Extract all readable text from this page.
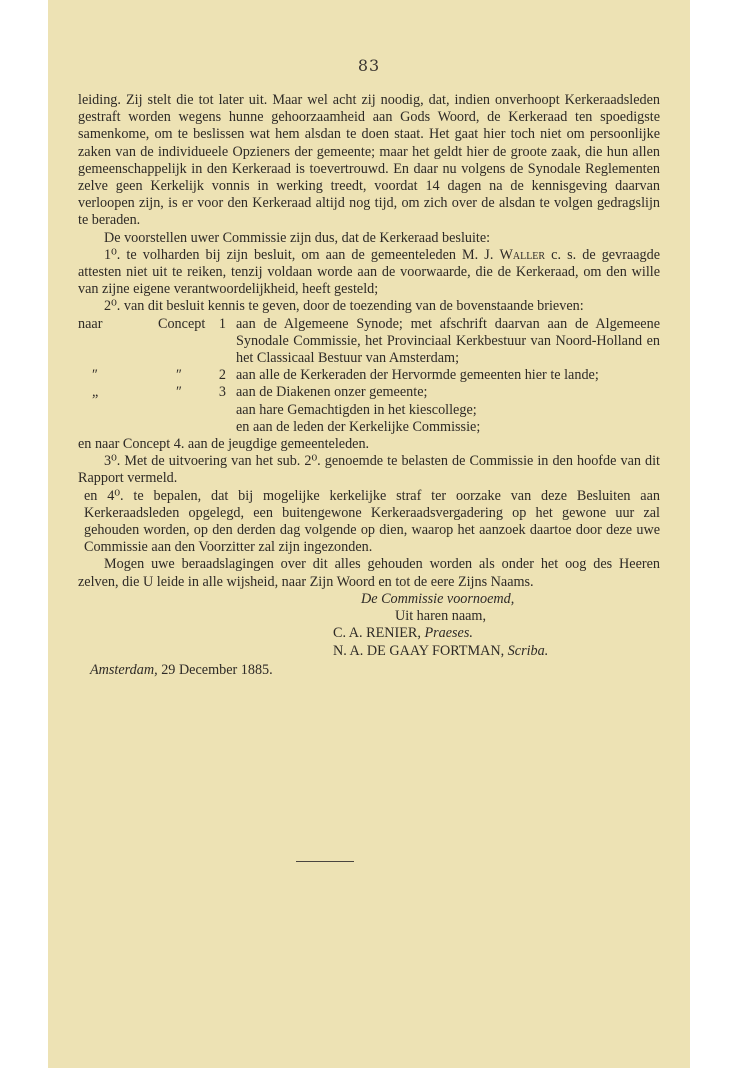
83

leiding. Zij stelt die tot later uit. Maar wel acht zij noodig, dat, indien onverhoopt Kerkeraadsleden gestraft worden wegens hunne gehoorzaamheid aan Gods Woord, de Kerkeraad ten spoedigste samenkome, om te beslissen wat hem alsdan te doen staat. Het gaat hier toch niet om persoonlijke zaken van de individueele Opzieners der gemeente; maar het geldt hier de groote zaak, die hun allen gemeenschappelijk in den Kerkeraad is toevertrouwd. En daar nu volgens de Synodale Reglementen zelve geen Kerkelijk vonnis in werking treedt, voordat 14 dagen na de kennisgeving daarvan verloopen zijn, is er voor den Kerkeraad altijd nog tijd, om zich over de alsdan te volgen gedragslijn te beraden.

De voorstellen uwer Commissie zijn dus, dat de Kerkeraad besluite:

1⁰. te volharden bij zijn besluit, om aan de gemeenteleden M. J. Waller c. s. de gevraagde attesten niet uit te reiken, tenzij voldaan worde aan de voorwaarde, die de Kerkeraad, om den wille van zijne eigene verantwoordelijkheid, heeft gesteld;

2⁰. van dit besluit kennis te geven, door de toezending van de bovenstaande brieven:

naar	Concept 1 aan de Algemeene Synode; met afschrift daarvan aan de Algemeene Synodale Commissie, het Provinciaal Kerkbestuur van Noord-Holland en het Classicaal Bestuur van Amsterdam;
″	″	2 aan alle de Kerkeraden der Hervormde gemeenten hier te lande;
„	″	3 aan de Diakenen onzer gemeente;
aan hare Gemachtigden in het kiescollege;
en aan de leden der Kerkelijke Commissie;

en naar Concept 4. aan de jeugdige gemeenteleden.

3⁰. Met de uitvoering van het sub. 2⁰. genoemde te belasten de Commissie in den hoofde van dit Rapport vermeld.

en 4⁰. te bepalen, dat bij mogelijke kerkelijke straf ter oorzake van deze Besluiten aan Kerkeraadsleden opgelegd, een buitengewone Kerkeraadsvergadering op het gewone uur zal gehouden worden, op den derden dag volgende op dien, waarop het aanzoek daartoe door deze uwe Commissie aan den Voorzitter zal zijn ingezonden.

Mogen uwe beraadslagingen over dit alles gehouden worden als onder het oog des Heeren zelven, die U leide in alle wijsheid, naar Zijn Woord en tot de eere Zijns Naams.

De Commissie voornoemd,
Uit haren naam,
C. A. RENIER, Praeses.
N. A. DE GAAY FORTMAN, Scriba.
Amsterdam, 29 December 1885.
